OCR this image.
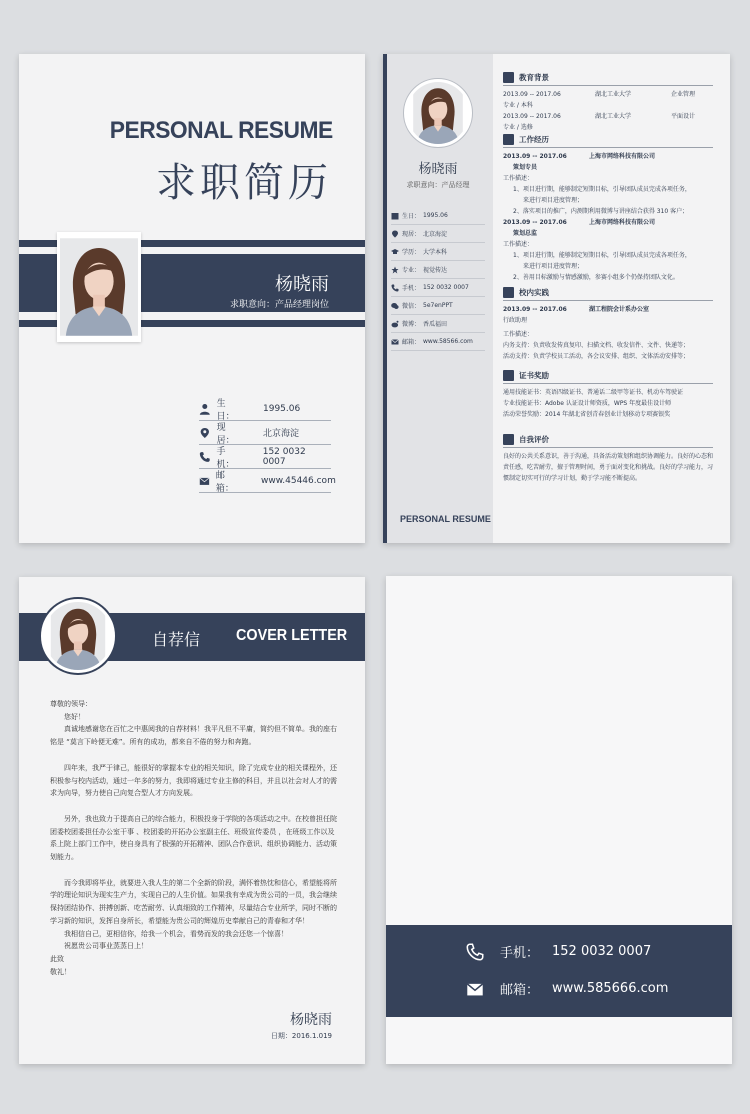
PERSONAL RESUME
求职简历
杨晓雨
求职意向：产品经理岗位
生日：
1995.06
现居：
北京海淀
手机：
152 0032 0007
邮箱：
www.45446.com
杨晓雨
求职意向：产品经理
生日： 1995.06
现居： 北京海淀
学历： 大学本科
专业： 视觉传达
手机： 152 0032 0007
微信： 5e7enPPT
微博： 香瓜福田
邮箱： www.58566.com
PERSONAL RESUME
教育背景
2013.09 -- 2017.06	湖北工业大学	企业管理
专业 / 本科
2013.09 -- 2017.06	湖北工业大学	平面设计
专业 / 选修
工作经历
2013.09 -- 2017.06	上海市网络科技有限公司
策划专员
工作描述：
1、项目进行期，能够制定短期目标，引导团队成员完成各项任务，
来进行项目进度管理；
2、落实项目的推广，内测期利用微博与讲座结合获得 310 客户；
2013.09 -- 2017.06	上海市网络科技有限公司
策划总监
工作描述：
1、项目进行期，能够制定短期目标，引导团队成员完成各项任务，
来进行项目进度管理；
2、善用目标激励与情感激励，参赛小组多个仍保持团队文化。
校内实践
2013.09 -- 2017.06	湖工程院会计系办公室
行政助理
工作描述：
内务支持：负责收发传真复印、扫描文档、收发信件、文件、快递等；
活动支持：负责学校员工活动，各会议安排、组织、文体活动安排等；
证书奖励
通用技能证书：英语四级证书、普通话二级甲等证书、机动车驾驶证
专业技能证书：Adobe 认证设计师资质，WPS 年度最佳设计师
活动荣誉奖励：2014 年湖北省创青春创业计划移动专项赛银奖
自我评价
良好的公共关系意识，善于沟通，具备活动策划和组织协调能力。良好的心态和责任感，吃苦耐劳，擅于管理时间，勇于面对变化和挑战。良好的学习能力，习惯制定切实可行的学习计划，勤于学习能不断提高。
自荐信 COVER LETTER

尊敬的领导：

您好！

真诚地感谢您在百忙之中惠阅我的自荐材料！我平凡但不平庸，简约但不简单。我的座右铭是 “莫言下岭便无难”。所有的成功，都来自不倦的努力和奔跑。

四年来，我严于律己，能很好的掌握本专业的相关知识，除了完成专业的相关课程外，还积极参与校内活动，通过一年多的努力，我即将通过专业主修的科目，并且以社会对人才的需求为向导，努力使自己向复合型人才方向发展。

另外，我也致力于提高自己的综合能力，积极投身于学院的各项活动之中。在校曾担任院团委校团委担任办公室干事 、校团委的开拓办公室副主任、班级宣传委员 ，在班级工作以及系上院上部门工作中，使自身具有了极强的开拓精神、团队合作意识、组织协调能力、活动策划能力。

而今我即将毕业，就要进入我人生的第二个全新的阶段，满怀着热忱和信心，希望能将所学的理论知识为现实生产力，实现自己的人生价值。如果我有幸成为贵公司的一员，我会继续保持团结协作、拼搏创新、吃苦耐劳、认真细致的工作精神，尽量结合专业所学，同时不断的学习新的知识，发挥自身所长，希望能为贵公司的辉煌历史奉献自己的青春和才华！

我相信自己，更相信你，给我一个机会，看势而发的我会还您一个惊喜！

祝愿贵公司事业蒸蒸日上！

此致

敬礼！

杨晓雨
日期：2016.1.019
手机： 152 0032 0007
邮箱： www.585666.com
